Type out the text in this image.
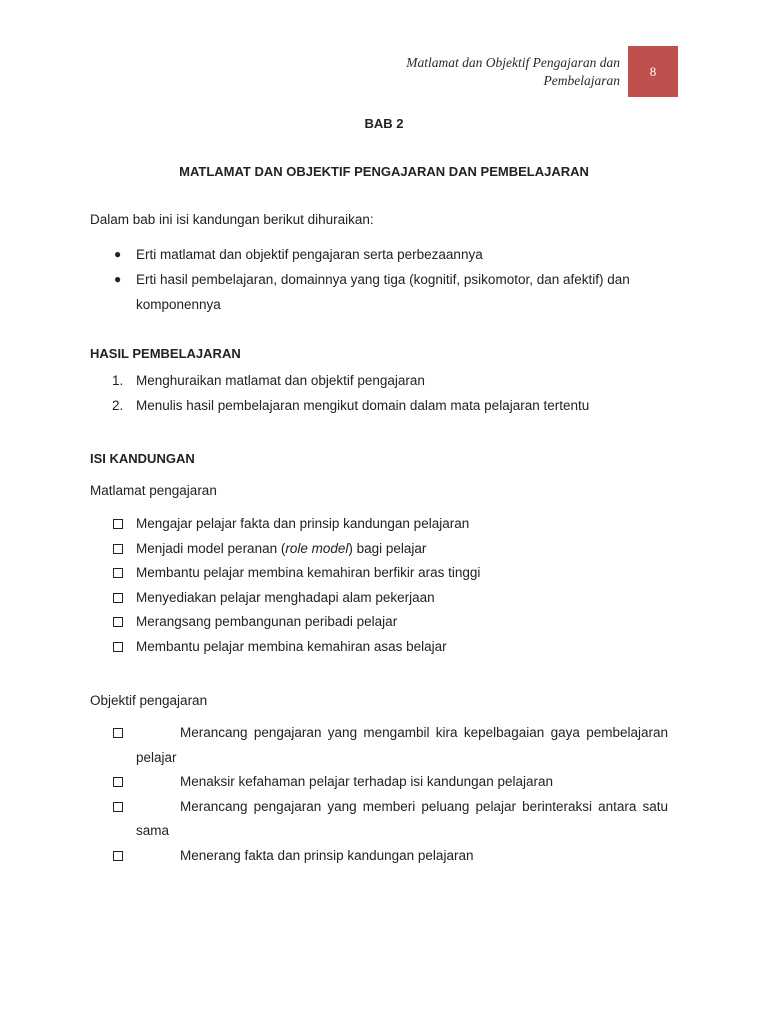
Matlamat dan Objektif Pengajaran dan
Pembelajaran
8
BAB 2
MATLAMAT DAN OBJEKTIF PENGAJARAN DAN PEMBELAJARAN
Dalam bab ini isi kandungan berikut dihuraikan:
● Erti matlamat dan objektif pengajaran serta perbezaannya
● Erti hasil pembelajaran, domainnya yang tiga (kognitif, psikomotor, dan afektif) dan komponennya
HASIL PEMBELAJARAN
1. Menghuraikan matlamat dan objektif pengajaran
2. Menulis hasil pembelajaran mengikut domain dalam mata pelajaran tertentu
ISI KANDUNGAN
Matlamat pengajaran
Mengajar pelajar fakta dan prinsip kandungan pelajaran
Menjadi model peranan (role model) bagi pelajar
Membantu pelajar membina kemahiran berfikir aras tinggi
Menyediakan pelajar menghadapi alam pekerjaan
Merangsang pembangunan peribadi pelajar
Membantu pelajar membina kemahiran asas belajar
Objektif pengajaran
Merancang pengajaran yang mengambil kira kepelbagaian gaya pembelajaran pelajar
Menaksir kefahaman pelajar terhadap isi kandungan pelajaran
Merancang pengajaran yang memberi peluang pelajar berinteraksi antara satu sama
Menerang fakta dan prinsip kandungan pelajaran
